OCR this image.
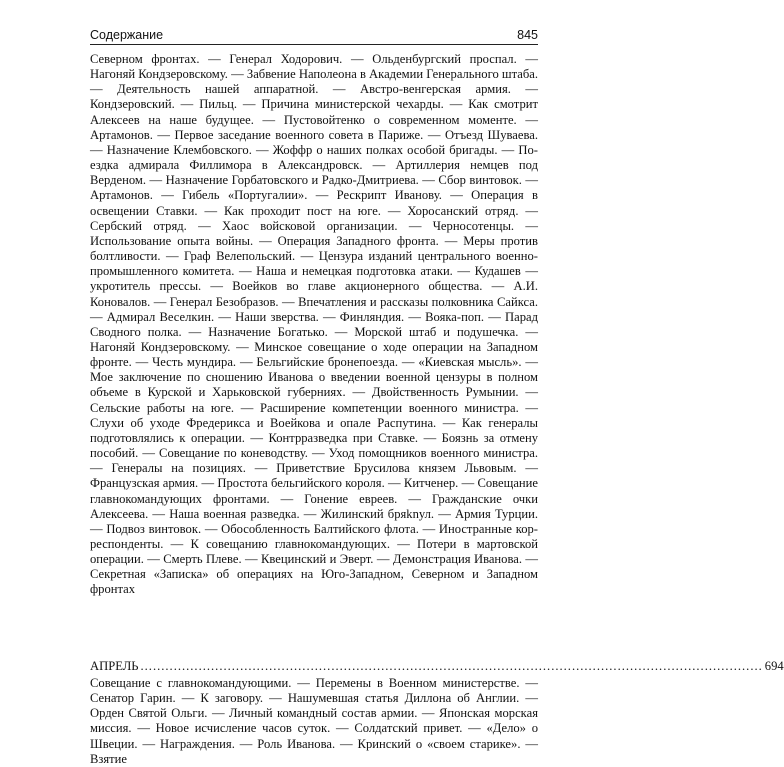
Содержание	845

Северном фронтах. — Генерал Ходорович. — Ольденбургский проспал. — Нагоняй Кондзеровскому. — Забвение Наполеона в Академии Генерального штаба. — Деятельность нашей аппаратной. — Австро-венгерская армия. — Кондзеровский. — Пильц. — Причина министерской чехарды. — Как смотрит Алексеев на наше будущее. — Пустовойтенко о современном моменте. — Артамонов. — Первое заседание военного совета в Париже. — Отъезд Шуваева. — Назначение Клембовского. — Жоффр о наших полках особой бригады. — Поездка адмирала Филлимора в Александровск. — Артиллерия немцев под Верденом. — Назначение Горбатовского и Радко-Дмитриева. — Сбор винтовок. — Артамонов. — Гибель «Португалии». — Рескрипт Иванову. — Операция в освещении Ставки. — Как проходит пост на юге. — Хоросанский отряд. — Сербский отряд. — Хаос войсковой организации. — Черносотенцы. — Использование опыта войны. — Операция Западного фронта. — Меры против болтливости. — Граф Велепольский. — Цензура изданий центрального военно-промышленного комитета. — Наша и немецкая подготовка атаки. — Кудашев — укротитель прессы. — Воейков во главе акционерного общества. — А.И. Коновалов. — Генерал Безобразов. — Впечатления и рассказы полковника Сайкса. — Адмирал Веселкин. — Наши зверства. — Финляндия. — Вояка-поп. — Парад Сводного полка. — Назначение Богатько. — Морской штаб и подушечка. — Нагоняй Кондзеровскому. — Минское совещание о ходе операции на Западном фронте. — Честь мундира. — Бельгийские бронепоезда. — «Киевская мысль». — Мое заключение по сношению Иванова о введении военной цензуры в полном объеме в Курской и Харьковской губерниях. — Двойственность Румынии. — Сельские работы на юге. — Расширение компетенции военного министра. — Слухи об уходе Фредерикса и Воейкова и опале Распутина. — Как генералы подготовлялись к операции. — Контрразведка при Ставке. — Боязнь за отмену пособий. — Совещание по коневодству. — Уход помощников военного министра. — Генералы на позициях. — Приветствие Брусилова князем Львовым. — Французская армия. — Простота бельгийского короля. — Китченер. — Совещание главнокомандующих фронтами. — Гонение евреев. — Гражданские очки Алексеева. — Наша военная разведка. — Жилинский бряknул. — Армия Турции. — Подвоз винтовок. — Обособленность Балтийского флота. — Иностранные корреспонденты. — К совещанию главнокомандующих. — Потери в мартовской операции. — Смерть Плеве. — Квецинский и Эверт. — Демонстрация Иванова. — Секретная «Записка» об операциях на Юго-Западном, Северном и Западном фронтах

АПРЕЛЬ ...................................................................................................................................................... 694

Совещание с главнокомандующими. — Перемены в Военном министерстве. — Сенатор Гарин. — К заговору. — Нашумевшая статья Диллона об Англии. — Орден Святой Ольги. — Личный командный состав армии. — Японская морская миссия. — Новое исчисление часов суток. — Солдатский привет. — «Дело» о Швеции. — Награждения. — Роль Иванова. — Кринский о «своем старике». — Взятие
